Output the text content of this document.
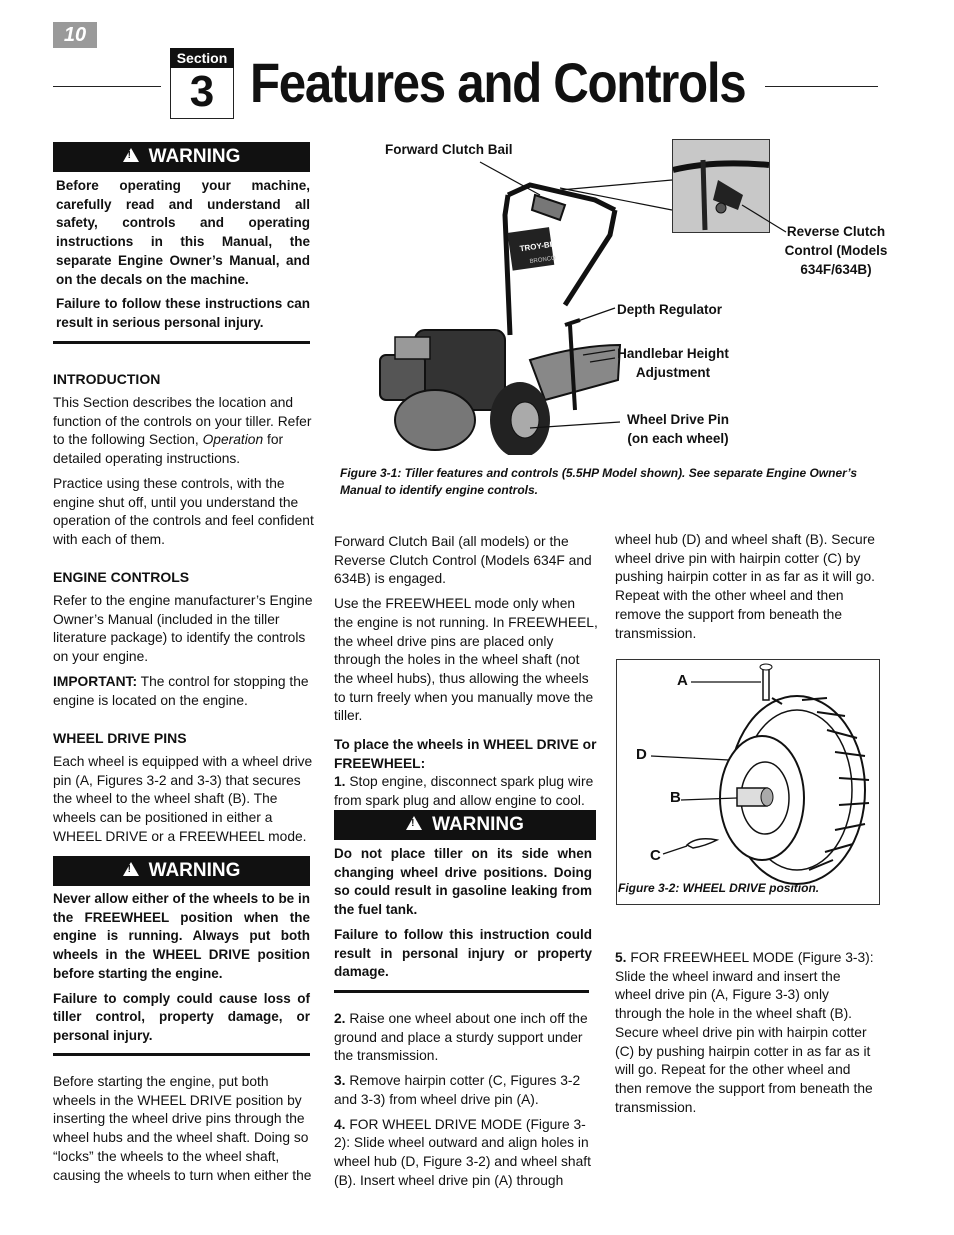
10
Section
3 Features and Controls
!WARNING

Before operating your machine, carefully read and understand all safety, controls and operating instructions in this Manual, the separate Engine Owner’s Manual, and on the decals on the machine.

Failure to follow these instructions can result in serious personal injury.

INTRODUCTION

This Section describes the location and function of the controls on your tiller. Refer to the following Section, Operation for detailed operating instructions.

Practice using these controls, with the engine shut off, until you understand the operation of the controls and feel confident with each of them.

ENGINE CONTROLS

Refer to the engine manufacturer’s Engine Owner’s Manual (included in the tiller literature package) to identify the controls on your engine.

IMPORTANT: The control for stopping the engine is located on the engine.

WHEEL DRIVE PINS

Each wheel is equipped with a wheel drive pin (A, Figures 3-2 and 3-3) that secures the wheel to the wheel shaft (B). The wheels can be positioned in either a WHEEL DRIVE or a FREEWHEEL mode.

!WARNING

Never allow either of the wheels to be in the FREEWHEEL position when the engine is running. Always put both wheels in the WHEEL DRIVE position before starting the engine.

Failure to comply could cause loss of tiller control, property damage, or personal injury.

Before starting the engine, put both wheels in the WHEEL DRIVE position by inserting the wheel drive pins through the wheel hubs and the wheel shaft. Doing so “locks” the wheels to the wheel shaft, causing the wheels to turn when either the
TROY-BILT
BRONCO
Forward Clutch Bail
Reverse Clutch
Control (Models
634F/634B)
Depth Regulator
Handlebar Height
Adjustment
Wheel Drive Pin
(on each wheel)
Figure 3-1: Tiller features and controls (5.5HP Model shown). See separate Engine Owner’s
Manual to identify engine controls.

Forward Clutch Bail (all models) or the Reverse Clutch Control (Models 634F and 634B) is engaged.

Use the FREEWHEEL mode only when the engine is not running. In FREEWHEEL, the wheel drive pins are placed only through the holes in the wheel shaft (not the wheel hubs), thus allowing the wheels to turn freely when you manually move the tiller.

To place the wheels in WHEEL DRIVE or FREEWHEEL:

1. Stop engine, disconnect spark plug wire from spark plug and allow engine to cool.

!WARNING

Do not place tiller on its side when changing wheel drive positions. Doing so could result in gasoline leaking from the fuel tank.

Failure to follow this instruction could result in personal injury or property damage.

2. Raise one wheel about one inch off the ground and place a sturdy support under the transmission.

3. Remove hairpin cotter (C, Figures 3-2 and 3-3) from wheel drive pin (A).

4. FOR WHEEL DRIVE MODE (Figure 3-2): Slide wheel outward and align holes in wheel hub (D, Figure 3-2) and wheel shaft (B). Insert wheel drive pin (A) through

wheel hub (D) and wheel shaft (B). Secure wheel drive pin with hairpin cotter (C) by pushing hairpin cotter in as far as it will go. Repeat with the other wheel and then remove the support from beneath the transmission.
A
D
B
C
Figure 3-2: WHEEL DRIVE position.
5. FOR FREEWHEEL MODE (Figure 3-3): Slide the wheel inward and insert the wheel drive pin (A, Figure 3-3) only through the hole in the wheel shaft (B). Secure wheel drive pin with hairpin cotter (C) by pushing hairpin cotter in as far as it will go. Repeat for the other wheel and then remove the support from beneath the transmission.
